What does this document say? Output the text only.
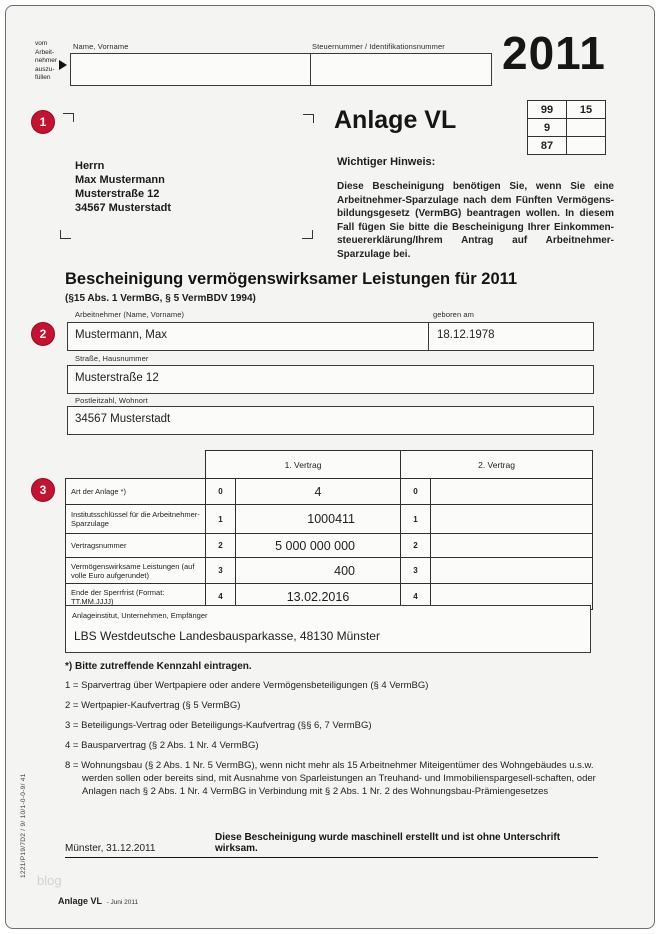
vom
Arbeit-
nehmer
auszu-
füllen
Name, Vorname	Steuernummer / Identifikationsnummer 2011
1	Anlage VL	99	15
9	
87	
Herrn
Max Mustermann
Musterstraße 12
34567 Musterstadt
Wichtiger Hinweis:
Diese Bescheinigung benötigen Sie, wenn Sie eine Arbeitnehmer-Sparzulage nach dem Fünften Vermögens-bildungsgesetz (VermBG) beantragen wollen. In diesem Fall fügen Sie bitte die Bescheinigung Ihrer Einkommen-steuererklärung/Ihrem Antrag auf Arbeitnehmer-Sparzulage bei.
Bescheinigung vermögenswirksamer Leistungen für 2011
(§15 Abs. 1 VermBG, § 5 VermBDV 1994)
2
Arbeitnehmer (Name, Vorname)	geboren am
Mustermann, Max	18.12.1978
Straße, Hausnummer
Musterstraße 12
Postleitzahl, Wohnort
34567 Musterstadt
3
	1. Vertrag		2. Vertrag	
Art der Anlage *)	0	4	0	
Institutsschlüssel für die Arbeitnehmer- Sparzulage	1	1000411	1	
Vertragsnummer	2	5 000 000 000	2	
Vermögenswirksame Leistungen (auf volle Euro aufgerundet)	3	400	3	
Ende der Sperrfrist (Format: TT.MM.JJJJ)	4	13.02.2016	4	
Anlageinstitut, Unternehmen, Empfänger
LBS Westdeutsche Landesbausparkasse, 48130 Münster
*) Bitte zutreffende Kennzahl eintragen.
1 = Sparvertrag über Wertpapiere oder andere Vermögensbeteiligungen (§ 4 VermBG)
2 = Wertpapier-Kaufvertrag (§ 5 VermBG)
3 = Beteiligungs-Vertrag oder Beteiligungs-Kaufvertrag (§§ 6, 7 VermBG)
4 = Bausparvertrag (§ 2 Abs. 1 Nr. 4 VermBG)
8 = Wohnungsbau (§ 2 Abs. 1 Nr. 5 VermBG), wenn nicht mehr als 15 Arbeitnehmer Miteigentümer des Wohngebäudes u.s.w. werden sollen oder bereits sind, mit Ausnahme von Sparleistungen an Treuhand- und Immobilienspargesell-schaften, oder Anlagen nach § 2 Abs. 1 Nr. 4 VermBG in Verbindung mit § 2 Abs. 1 Nr. 2 des Wohnungsbau-Prämiengesetzes
Münster, 31.12.2011
Diese Bescheinigung wurde maschinell erstellt und ist ohne Unterschrift wirksam.
1221/P19/7D2 / 9/ 10/1-0-0-9/ 41
blog
Anlage VL - Juni 2011
